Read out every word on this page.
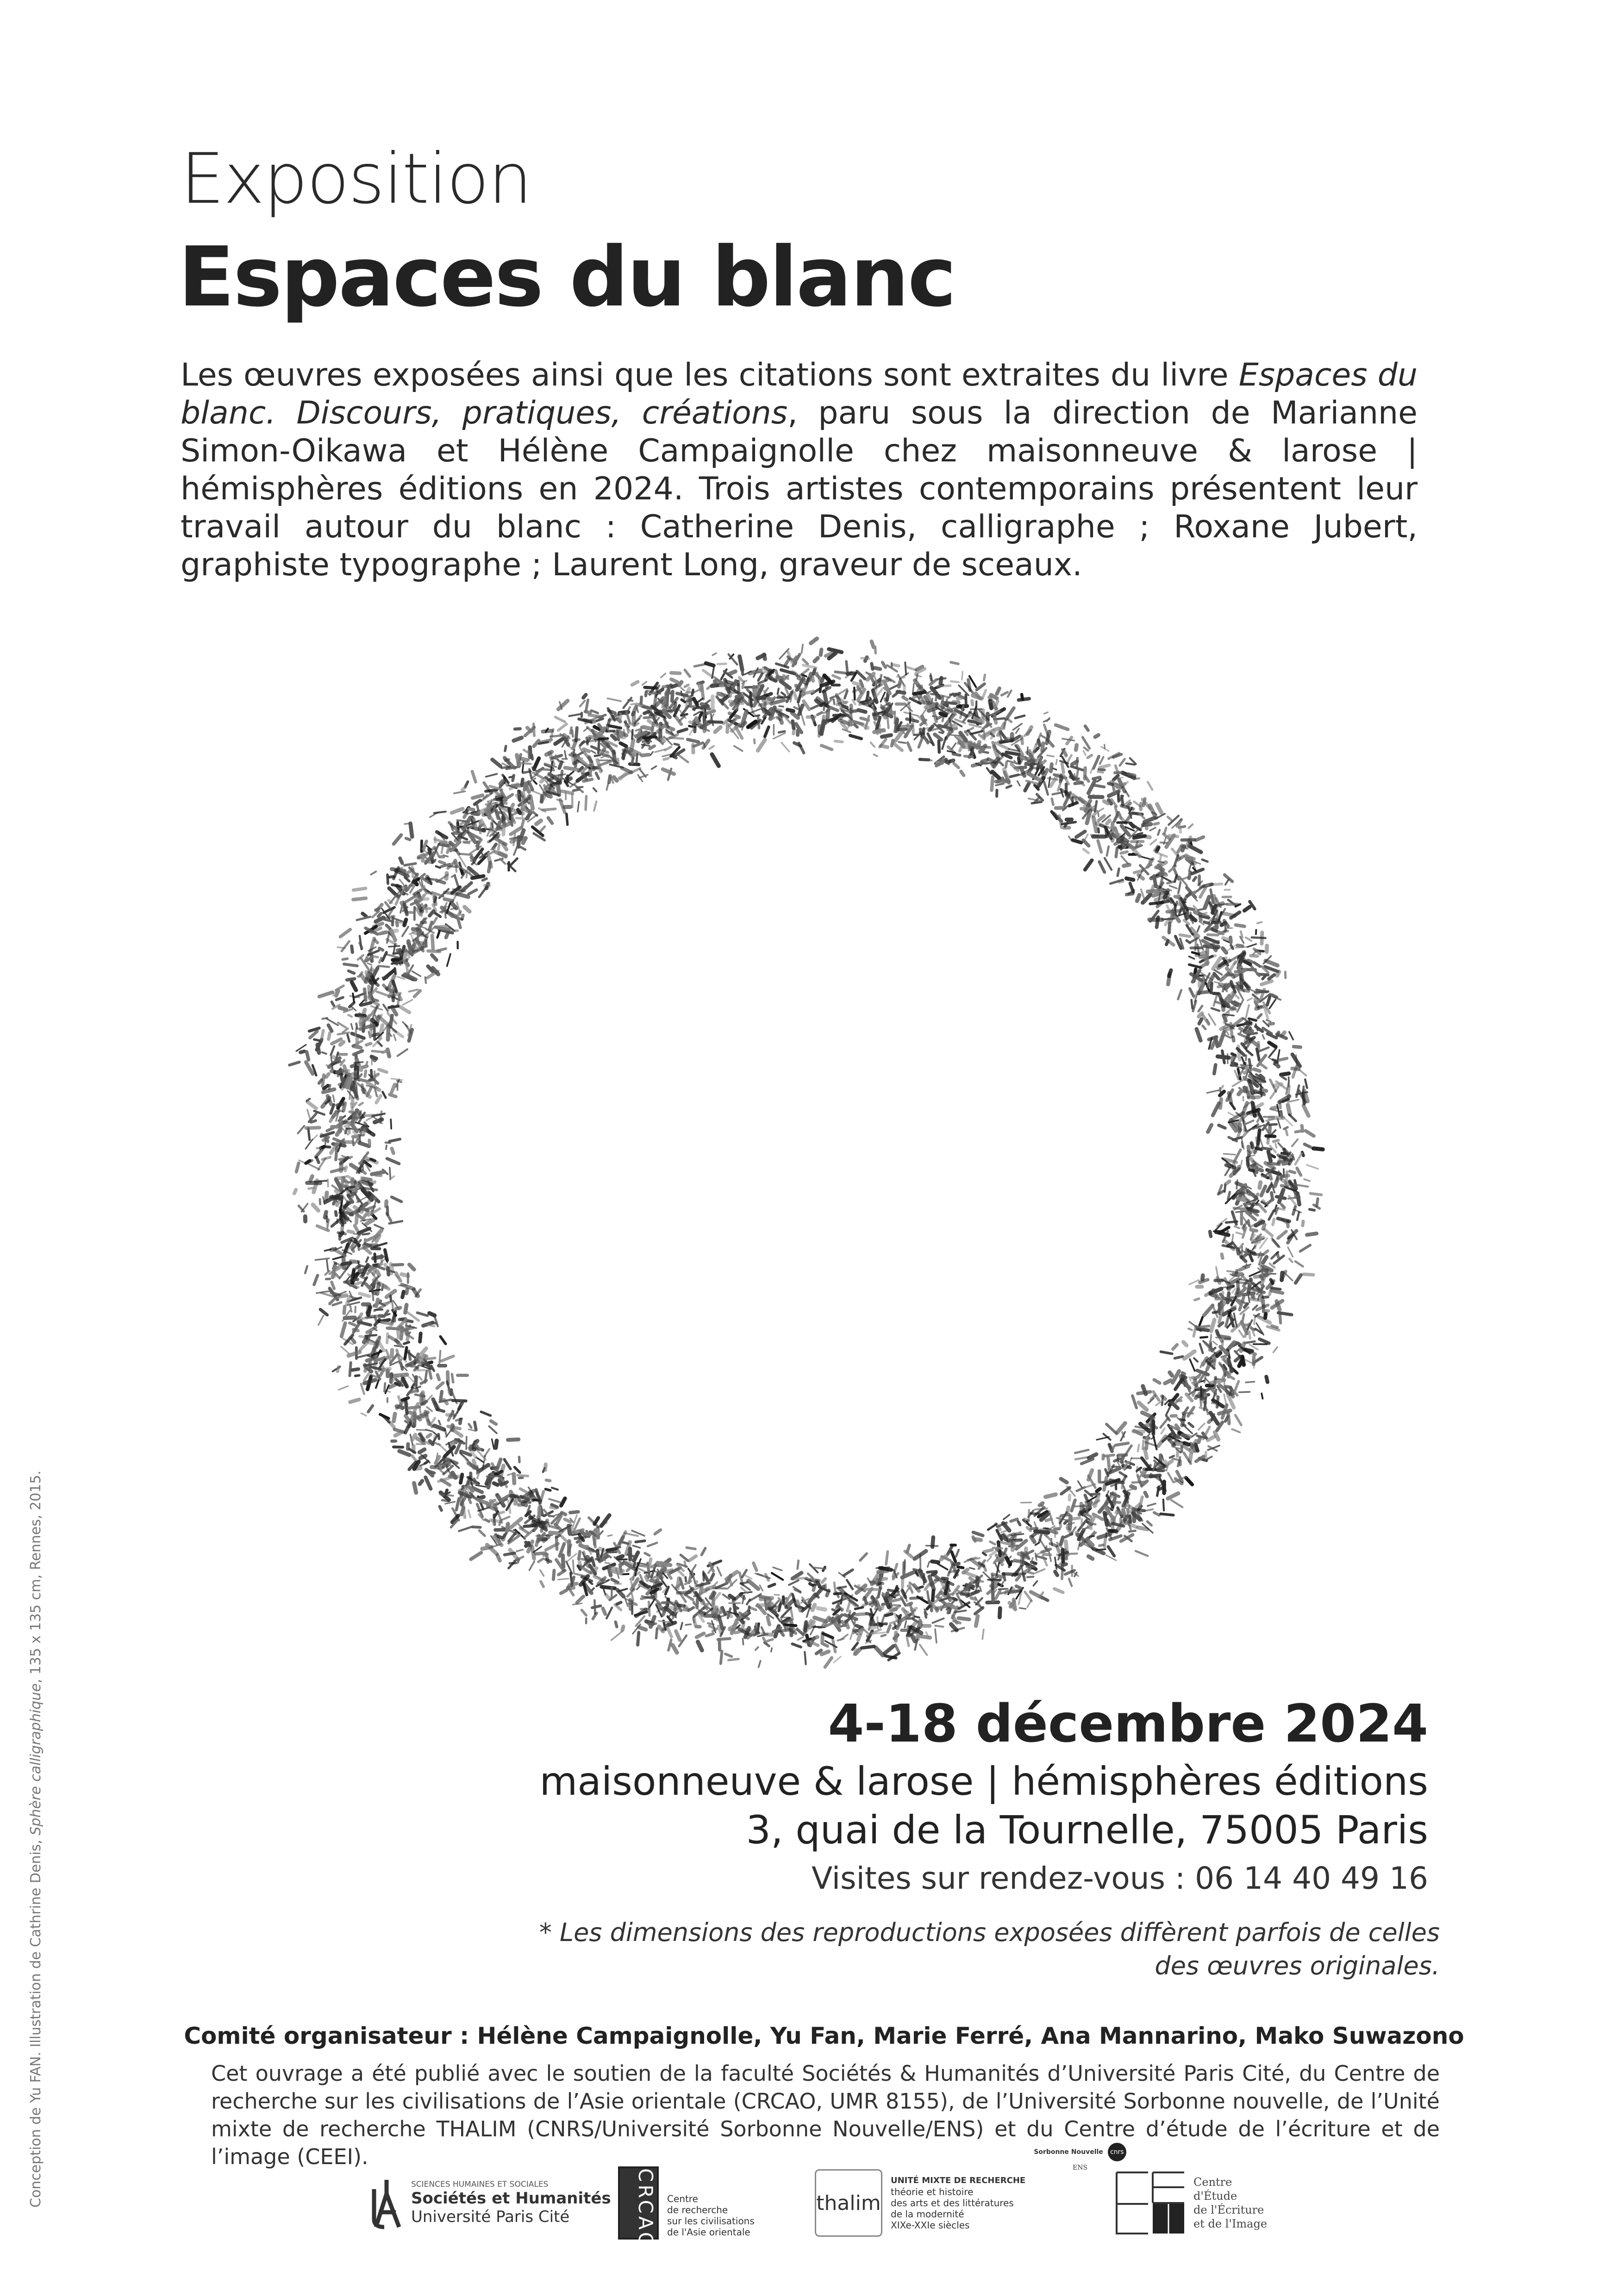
Exposition
Espaces du blanc
Les œuvres exposées ainsi que les citations sont extraites du livre Espaces du blanc. Discours, pratiques, créations, paru sous la direction de Marianne Simon-Oikawa et Hélène Campaignolle chez maisonneuve & larose | hémisphères éditions en 2024. Trois artistes contemporains présentent leur travail autour du blanc : Catherine Denis, calligraphe ; Roxane Jubert, graphiste typographe ; Laurent Long, graveur de sceaux.
4-18 décembre 2024
maisonneuve & larose | hémisphères éditions
3, quai de la Tournelle, 75005 Paris
Visites sur rendez-vous : 06 14 40 49 16
* Les dimensions des reproductions exposées diffèrent parfois de celles
des œuvres originales.
Comité organisateur : Hélène Campaignolle, Yu Fan, Marie Ferré, Ana Mannarino, Mako Suwazono
Cet ouvrage a été publié avec le soutien de la faculté Sociétés & Humanités d’Université Paris Cité, du Centre de recherche sur les civilisations de l’Asie orientale (CRCAO, UMR 8155), de l’Université Sorbonne nouvelle, de l’Unité mixte de recherche THALIM (CNRS/Université Sorbonne Nouvelle/ENS) et du Centre d’étude de l’écriture et de l’image (CEEI).
Conception de Yu FAN. Illustration de Cathrine Denis, Sphère calligraphique, 135 x 135 cm, Rennes, 2015.
SCIENCES HUMAINES ET SOCIALES
Sociétés et Humanités
Université Paris Cité	CRCAO Centre
de recherche
sur les civilisations
de l'Asie orientale
thalim
UNITÉ MIXTE DE RECHERCHE
théorie et histoire
des arts et des littératures
de la modernité
XIXe-XXIe siècles
Sorbonne Nouvelle	cnrs
ENS
Centre
d'Étude
de l'Écriture
et de l'Image
